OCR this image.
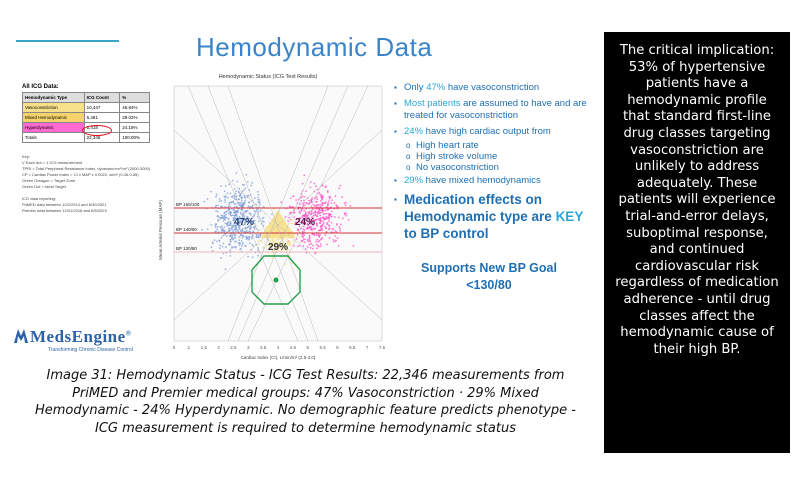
Hemodynamic Data
All ICG Data:
Hemodynamic Type	ICG Count	%
Vasoconstriction	10,447	46.84%
Mixed Hemodynamic	6,481	29.02%
Hyperdynamic	5,418	24.18%
Totals	22,346	100.00%
Key:
V Each dot = 1 ICG measurement
TPRI = Total Peripheral Resistance Index, dyne/sec/cm⁵/m² (2000-3000)
CP = Cardiac Power Index = CI x MAP x 0.0022, w/m² (0.45-0.85)
Green Octagon = Target Zone
Green Dot = Ideal Target

ICG data reporting:
PriMED data between 1/22/2014 and 6/30/2021
Premier data between 12/31/2016 and 6/5/2023
MedsEngine®
Transforming Chronic Disease Control
Hemodynamic Status (ICG Test Results)
BP 160/100
BP 140/90
BP 130/80
47%	24%
29%
Mean Arterial Pressure (MAP)
0	1 1.5 2 2.5 3 3.5 4 4.5 5 5.5 6 6.5 7 7.5
Cardiac Index (CI), L/min/m² (2.5-4.0)
▪ Only 47% have vasoconstriction
▪ Most patients are assumed to have and are treated for vasoconstriction
▪ 24% have high cardiac output from
o High heart rate
o High stroke volume
o No vasoconstriction
▪ 29% have mixed hemodynamics
▪ Medication effects on Hemodynamic type are KEY to BP control
Supports New BP Goal
<130/80
Image 31: Hemodynamic Status - ICG Test Results: 22,346 measurements from PriMED and Premier medical groups: 47% Vasoconstriction · 29% Mixed Hemodynamic - 24% Hyperdynamic. No demographic feature predicts phenotype - ICG measurement is required to determine hemodynamic status
The critical implication: 53% of hypertensive patients have a hemodynamic profile that standard first-line drug classes targeting vasoconstriction are unlikely to address adequately. These patients will experience trial-and-error delays, suboptimal response, and continued cardiovascular risk regardless of medication adherence - until drug classes affect the hemodynamic cause of their high BP.
